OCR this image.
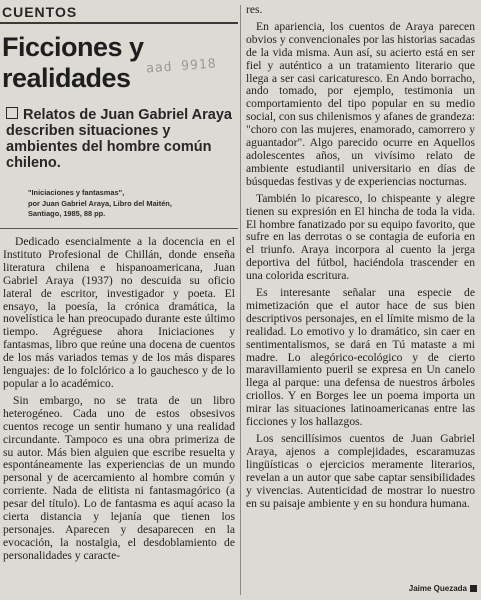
CUENTOS
Ficciones y
realidades	aad 9918
Relatos de Juan Gabriel Araya describen situaciones y ambientes del hombre común chileno.
"Iniciaciones y fantasmas",
por Juan Gabriel Araya, Libro del Maitén,
Santiago, 1985, 88 pp.

Dedicado esencialmente a la docencia en el Instituto Profesional de Chillán, donde enseña literatura chilena e hispanoamericana, Juan Gabriel Araya (1937) no descuida su oficio lateral de escritor, investigador y poeta. El ensayo, la poesía, la crónica dramática, la novelística le han preocupado durante este último tiempo. Agréguese ahora Iniciaciones y fantasmas, libro que reúne una docena de cuentos de los más variados temas y de los más dispares lenguajes: de lo folclórico a lo gauchesco y de lo popular a lo académico.

Sin embargo, no se trata de un libro heterogéneo. Cada uno de estos obsesivos cuentos recoge un sentir humano y una realidad circundante. Tampoco es una obra primeriza de su autor. Más bien alguien que escribe resuelta y espontáneamente las experiencias de un mundo personal y de acercamiento al hombre común y corriente. Nada de elitista ni fantasmagórico (a pesar del título). Lo de fantasma es aquí acaso la cierta distancia y lejanía que tienen los personajes. Aparecen y desaparecen en la evocación, la nostalgia, el desdoblamiento de personalidades y caracte-

res.

En apariencia, los cuentos de Araya parecen obvios y convencionales por las historias sacadas de la vida misma. Aun así, su acierto está en ser fiel y auténtico a un tratamiento literario que llega a ser casi caricaturesco. En Ando borracho, ando tomado, por ejemplo, testimonia un comportamiento del tipo popular en su medio social, con sus chilenismos y afanes de grandeza: "choro con las mujeres, enamorado, camorrero y aguantador". Algo parecido ocurre en Aquellos adolescentes años, un vivísimo relato de ambiente estudiantil universitario en días de búsquedas festivas y de experiencias nocturnas.

También lo picaresco, lo chispeante y alegre tienen su expresión en El hincha de toda la vida. El hombre fanatizado por su equipo favorito, que sufre en las derrotas o se contagia de euforia en el triunfo. Araya incorpora al cuento la jerga deportiva del fútbol, haciéndola trascender en una colorida escritura.

Es interesante señalar una especie de mimetización que el autor hace de sus bien descriptivos personajes, en el límite mismo de la realidad. Lo emotivo y lo dramático, sin caer en sentimentalismos, se dará en Tú mataste a mi madre. Lo alegórico-ecológico y de cierto maravillamiento pueril se expresa en Un canelo llega al parque: una defensa de nuestros árboles criollos. Y en Borges lee un poema importa un mirar las situaciones latinoamericanas entre las ficciones y los hallazgos.

Los sencillísimos cuentos de Juan Gabriel Araya, ajenos a complejidades, escaramuzas lingüísticas o ejercicios meramente literarios, revelan a un autor que sabe captar sensibilidades y vivencias. Autenticidad de mostrar lo nuestro en su paisaje ambiente y en su hondura humana.

Jaime Quezada
